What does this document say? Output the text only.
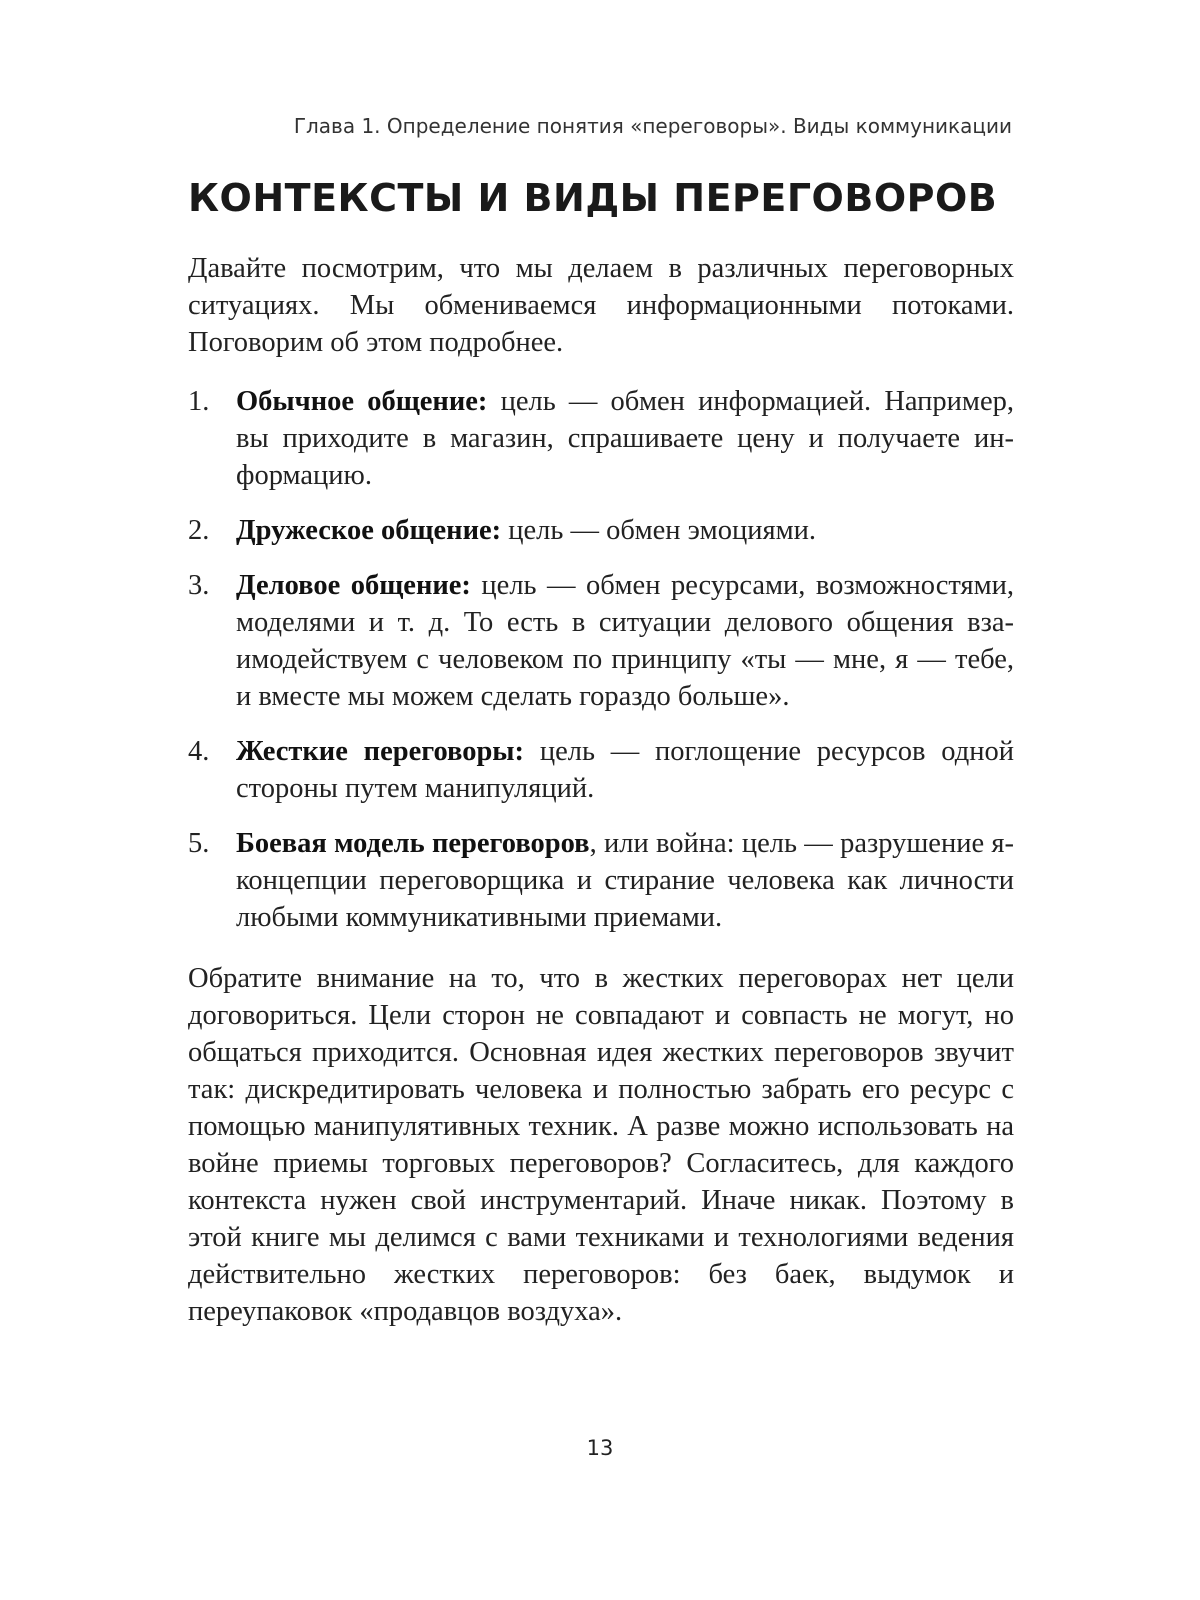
Глава 1. Определение понятия «переговоры». Виды коммуникации
КОНТЕКСТЫ И ВИДЫ ПЕРЕГОВОРОВ

Давайте посмотрим, что мы делаем в различных переговорных ситуациях. Мы обмениваемся информационными потоками. Поговорим об этом подробнее.

1. Обычное общение: цель — обмен информацией. Например, вы приходите в магазин, спрашиваете цену и получаете информацию.
2. Дружеское общение: цель — обмен эмоциями.
3. Деловое общение: цель — обмен ресурсами, возможностями, моделями и т. д. То есть в ситуации делового общения взаимодействуем с человеком по принципу «ты — мне, я — тебе, и вместе мы можем сделать гораздо больше».
4. Жесткие переговоры: цель — поглощение ресурсов одной стороны путем манипуляций.
5. Боевая модель переговоров, или война: цель — разрушение я-концепции переговорщика и стирание человека как личности любыми коммуникативными приемами.

Обратите внимание на то, что в жестких переговорах нет цели договориться. Цели сторон не совпадают и совпасть не могут, но общаться приходится. Основная идея жестких переговоров звучит так: дискредитировать человека и полностью забрать его ресурс с помощью манипулятивных техник. А разве можно использовать на войне приемы торговых переговоров? Согласитесь, для каждого контекста нужен свой инструментарий. Иначе никак. Поэтому в этой книге мы делимся с вами техниками и технологиями ведения действительно жестких переговоров: без баек, выдумок и переупаковок «продавцов воздуха».

13
